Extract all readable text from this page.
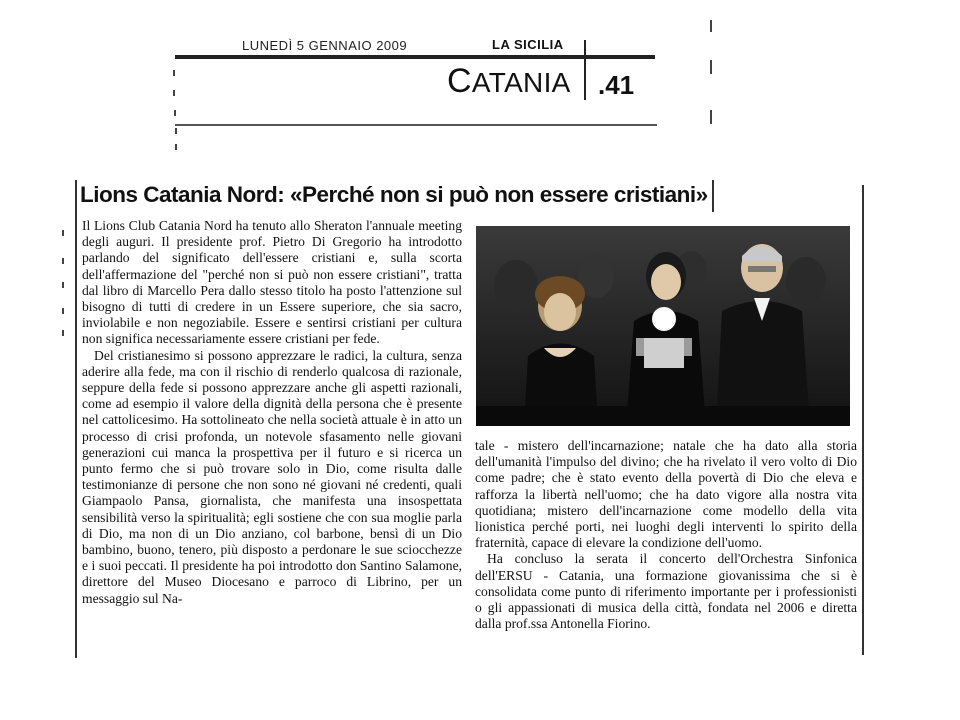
LUNEDÌ 5 GENNAIO 2009	LA SICILIA
CATANIA .41
Lions Catania Nord: «Perché non si può non essere cristiani»

Il Lions Club Catania Nord ha tenuto allo Sheraton l'annuale meeting degli auguri. Il presidente prof. Pietro Di Gregorio ha introdotto parlando del significato dell'essere cristiani e, sulla scorta dell'affermazione del "perché non si può non essere cristiani", tratta dal libro di Marcello Pera dallo stesso titolo ha posto l'attenzione sul bisogno di tutti di credere in un Essere superiore, che sia sacro, inviolabile e non negoziabile. Essere e sentirsi cristiani per cultura non significa necessariamente essere cristiani per fede.

Del cristianesimo si possono apprezzare le radici, la cultura, senza aderire alla fede, ma con il rischio di renderlo qualcosa di razionale, seppure della fede si possono apprezzare anche gli aspetti razionali, come ad esempio il valore della dignità della persona che è presente nel cattolicesimo. Ha sottolineato che nella società attuale è in atto un processo di crisi profonda, un notevole sfasamento nelle giovani generazioni cui manca la prospettiva per il futuro e si ricerca un punto fermo che si può trovare solo in Dio, come risulta dalle testimonianze di persone che non sono né giovani né credenti, quali Giampaolo Pansa, giornalista, che manifesta una insospettata sensibilità verso la spiritualità; egli sostiene che con sua moglie parla di Dio, ma non di un Dio anziano, col barbone, bensì di un Dio bambino, buono, tenero, più disposto a perdonare le sue sciocchezze e i suoi peccati. Il presidente ha poi introdotto don Santino Salamone, direttore del Museo Diocesano e parroco di Librino, per un messaggio sul Na-

tale - mistero dell'incarnazione; natale che ha dato alla storia dell'umanità l'impulso del divino; che ha rivelato il vero volto di Dio come padre; che è stato evento della povertà di Dio che eleva e rafforza la libertà nell'uomo; che ha dato vigore alla nostra vita quotidiana; mistero dell'incarnazione come modello della vita lionistica perché porti, nei luoghi degli interventi lo spirito della fraternità, capace di elevare la condizione dell'uomo.

Ha concluso la serata il concerto dell'Orchestra Sinfonica dell'ERSU - Catania, una formazione giovanissima che si è consolidata come punto di riferimento importante per i professionisti o gli appassionati di musica della città, fondata nel 2006 e diretta dalla prof.ssa Antonella Fiorino.
